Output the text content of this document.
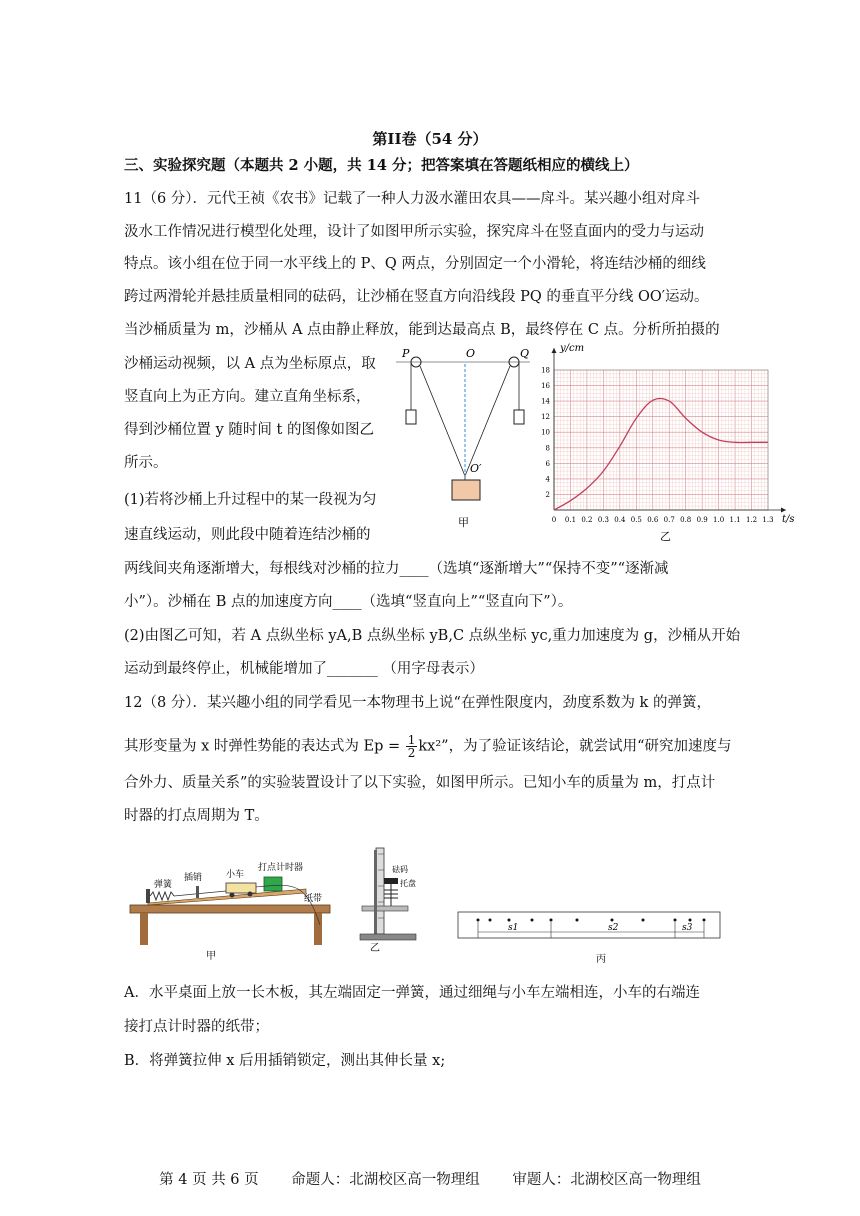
第II卷（54 分）
三、实验探究题（本题共 2 小题，共 14 分；把答案填在答题纸相应的横线上）
11（6 分）．元代王祯《农书》记载了一种人力汲水灌田农具——戽斗。某兴趣小组对戽斗
汲水工作情况进行模型化处理，设计了如图甲所示实验，探究戽斗在竖直面内的受力与运动
特点。该小组在位于同一水平线上的 P、Q 两点，分别固定一个小滑轮，将连结沙桶的细线
跨过两滑轮并悬挂质量相同的砝码，让沙桶在竖直方向沿线段 PQ 的垂直平分线 OO′运动。
当沙桶质量为 m，沙桶从 A 点由静止释放，能到达最高点 B，最终停在 C 点。分析所拍摄的
沙桶运动视频，以 A 点为坐标原点，取
竖直向上为正方向。建立直角坐标系，
得到沙桶位置 y 随时间 t 的图像如图乙
所示。
(1)若将沙桶上升过程中的某一段视为匀
速直线运动，则此段中随着连结沙桶的
两线间夹角逐渐增大，每根线对沙桶的拉力____（选填“逐渐增大”“保持不变”“逐渐减
小”）。沙桶在 B 点的加速度方向____（选填“竖直向上”“竖直向下”）。
(2)由图乙可知，若 A 点纵坐标 yA,B 点纵坐标 yB,C 点纵坐标 yc,重力加速度为 g，沙桶从开始
运动到最终停止，机械能增加了_______ （用字母表示）
P	O	Q
O′
甲	0 0.1 0.2 0.3 0.4 0.5 0.6 0.7 0.8 0.9 1.0 1.1 1.2 1.3
2
4
6
8
10
12
14
16
18
y/cm
t/s
乙
12（8 分）．某兴趣小组的同学看见一本物理书上说“在弹性限度内，劲度系数为 k 的弹簧，
其形变量为 x 时弹性势能的表达式为 $Ep = \frac{1}{2} kx^2$”，为了验证该结论，就尝试用“研究加速度与
合外力、质量关系”的实验装置设计了以下实验，如图甲所示。已知小车的质量为 m，打点计
时器的打点周期为 T。
弹簧
插销	小车
打点计时器
纸带
甲
砝码
托盘
乙
s1	s2	s3
丙
A．水平桌面上放一长木板，其左端固定一弹簧，通过细绳与小车左端相连，小车的右端连
接打点计时器的纸带；
B．将弹簧拉伸 x 后用插销锁定，测出其伸长量 x;
第 4 页 共 6 页 命题人：北湖校区高一物理组 审题人：北湖校区高一物理组
